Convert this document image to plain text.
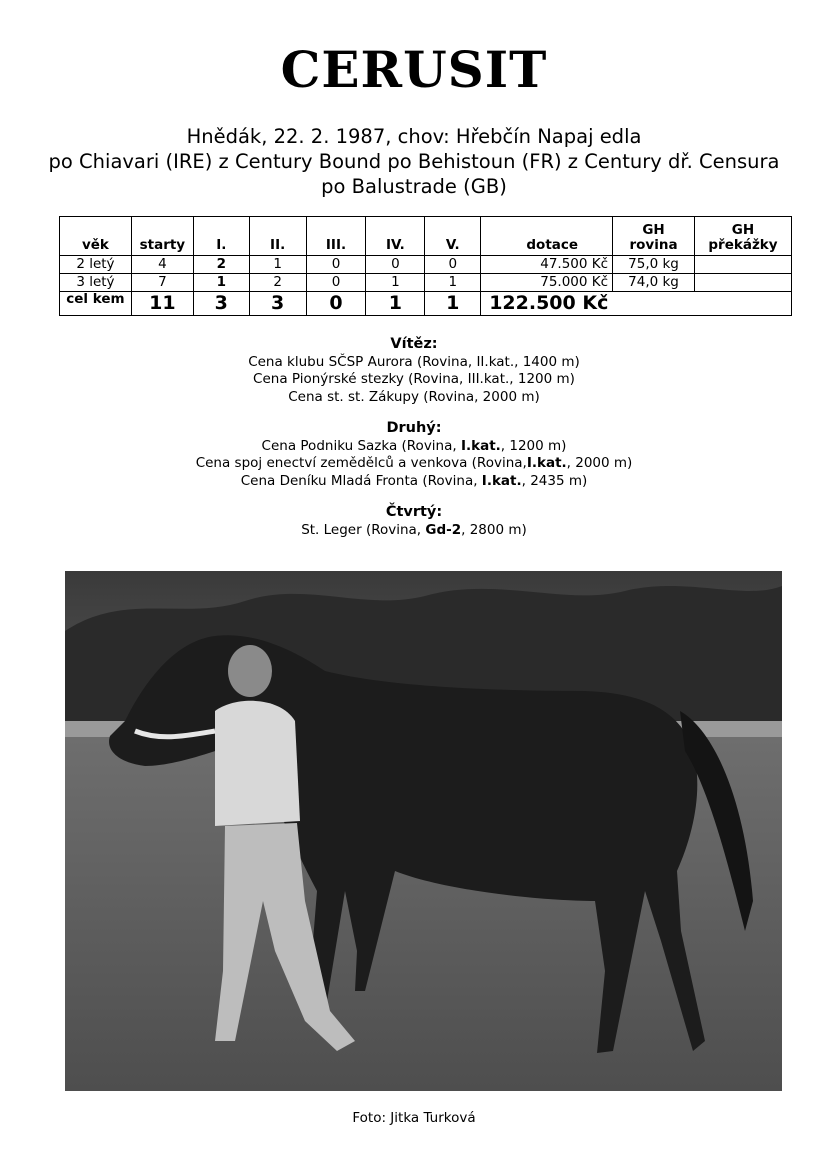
CERUSIT
Hnědák, 22. 2. 1987, chov: Hřebčín Napaj edla
po Chiavari (IRE) z Century Bound po Behistoun (FR) z Century dř. Censura
po Balustrade (GB)
věk	starty	I.	II.	III.	IV.	V.	dotace	GH rovina	GH překážky
2 letý	4	2	1	0	0	0	47.500 Kč	75,0 kg	
3 letý	7	1	2	0	1	1	75.000 Kč	74,0 kg	
cel kem	11	3	3	0	1	1	122.500 Kč		
Vítěz:
Cena klubu SČSP Aurora (Rovina, II.kat., 1400 m)
Cena Pionýrské stezky (Rovina, III.kat., 1200 m)
Cena st. st. Zákupy (Rovina, 2000 m)
Druhý:
Cena Podniku Sazka (Rovina, I.kat., 1200 m)
Cena spoj enectví zemědělců a venkova (Rovina,I.kat., 2000 m)
Cena Deníku Mladá Fronta (Rovina, I.kat., 2435 m)
Čtvrtý:
St. Leger (Rovina, Gd-2, 2800 m)
Foto: Jitka Turková
